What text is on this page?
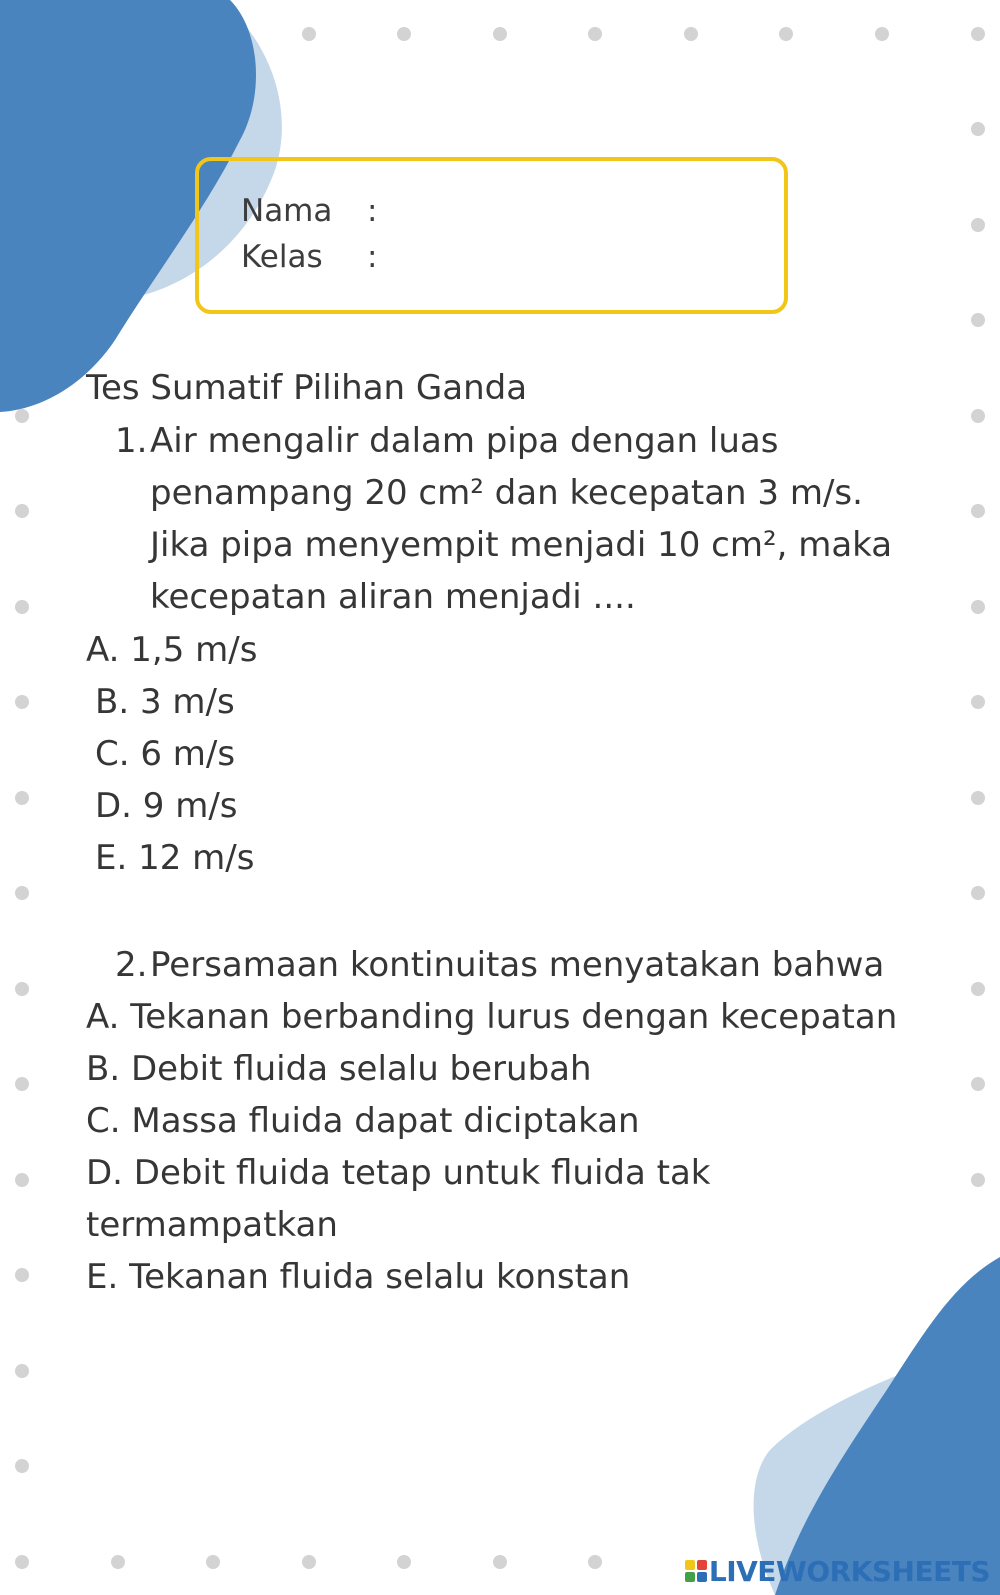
Nama :
Kelas :
Tes Sumatif Pilihan Ganda
1. Air mengalir dalam pipa dengan luas
penampang 20 cm² dan kecepatan 3 m/s.
Jika pipa menyempit menjadi 10 cm², maka
kecepatan aliran menjadi ....
A. 1,5 m/s
B. 3 m/s
C. 6 m/s
D. 9 m/s
E. 12 m/s
2. Persamaan kontinuitas menyatakan bahwa
A. Tekanan berbanding lurus dengan kecepatan
B. Debit fluida selalu berubah
C. Massa fluida dapat diciptakan
D. Debit fluida tetap untuk fluida tak
termampatkan
E. Tekanan fluida selalu konstan
LIVEWORKSHEETS
